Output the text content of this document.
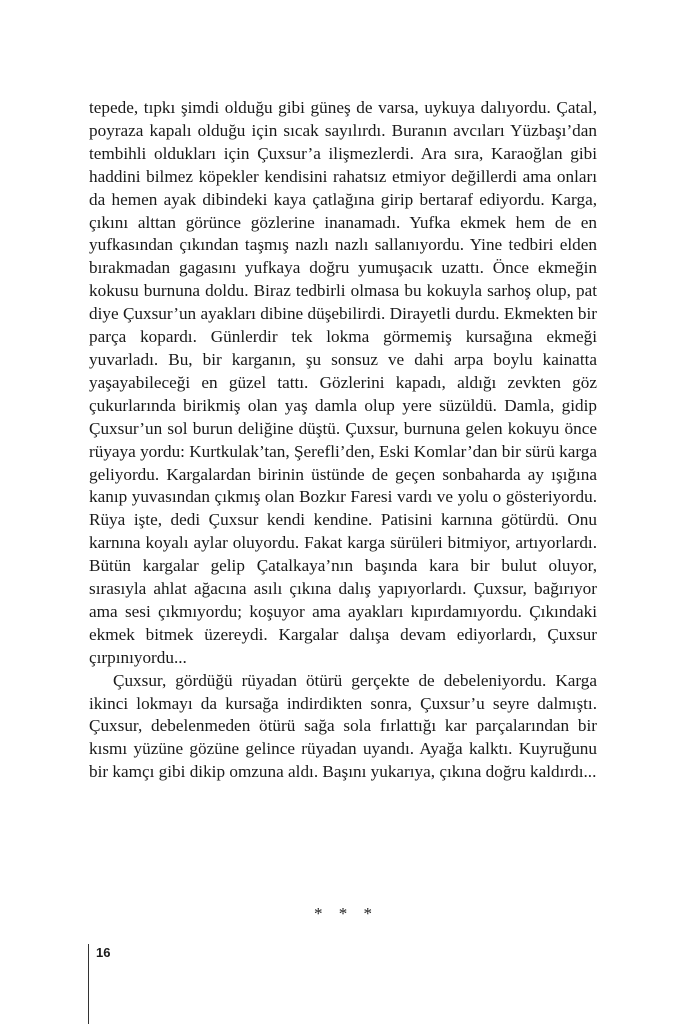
tepede, tıpkı şimdi olduğu gibi güneş de varsa, uykuya dalıyordu. Çatal, poyraza kapalı olduğu için sıcak sayılırdı. Buranın avcıları Yüzbaşı’dan tembihli oldukları için Çuxsur’a ilişmezlerdi. Ara sıra, Karaoğlan gibi haddini bilmez köpekler kendisini rahatsız etmiyor değillerdi ama onları da hemen ayak dibindeki kaya çatlağına girip bertaraf ediyordu. Karga, çıkını alttan görünce gözlerine inanamadı. Yufka ekmek hem de en yufkasından çıkından taşmış nazlı nazlı sallanıyordu. Yine tedbiri elden bırakmadan gagasını yufkaya doğru yumuşacık uzattı. Önce ekmeğin kokusu burnuna doldu. Biraz tedbirli olmasa bu kokuyla sarhoş olup, pat diye Çuxsur’un ayakları dibine düşebilirdi. Dirayetli durdu. Ekmekten bir parça kopardı. Günlerdir tek lokma görmemiş kursağına ekmeği yuvarladı. Bu, bir karganın, şu sonsuz ve dahi arpa boylu kainatta yaşayabileceği en güzel tattı. Gözlerini kapadı, aldığı zevkten göz çukurlarında birikmiş olan yaş damla olup yere süzüldü. Damla, gidip Çuxsur’un sol burun deliğine düştü. Çuxsur, burnuna gelen kokuyu önce rüyaya yordu: Kurtkulak’tan, Şerefli’den, Eski Komlar’dan bir sürü karga geliyordu. Kargalardan birinin üstünde de geçen sonbaharda ay ışığına kanıp yuvasından çıkmış olan Bozkır Faresi vardı ve yolu o gösteriyordu. Rüya işte, dedi Çuxsur kendi kendine. Patisini karnına götürdü. Onu karnına koyalı aylar oluyordu. Fakat karga sürüleri bitmiyor, artıyorlardı. Bütün kargalar gelip Çatalkaya’nın başında kara bir bulut oluyor, sırasıyla ahlat ağacına asılı çıkına dalış yapıyorlardı. Çuxsur, bağırıyor ama sesi çıkmıyordu; koşuyor ama ayakları kıpırdamıyordu. Çıkındaki ekmek bitmek üzereydi. Kargalar dalışa devam ediyorlardı, Çuxsur çırpınıyordu...

Çuxsur, gördüğü rüyadan ötürü gerçekte de debeleniyordu. Karga ikinci lokmayı da kursağa indirdikten sonra, Çuxsur’u seyre dalmıştı. Çuxsur, debelenmeden ötürü sağa sola fırlattığı kar parçalarından bir kısmı yüzüne gözüne gelince rüyadan uyandı. Ayağa kalktı. Kuyruğunu bir kamçı gibi dikip omzuna aldı. Başını yukarıya, çıkına doğru kaldırdı...

* * *
16
